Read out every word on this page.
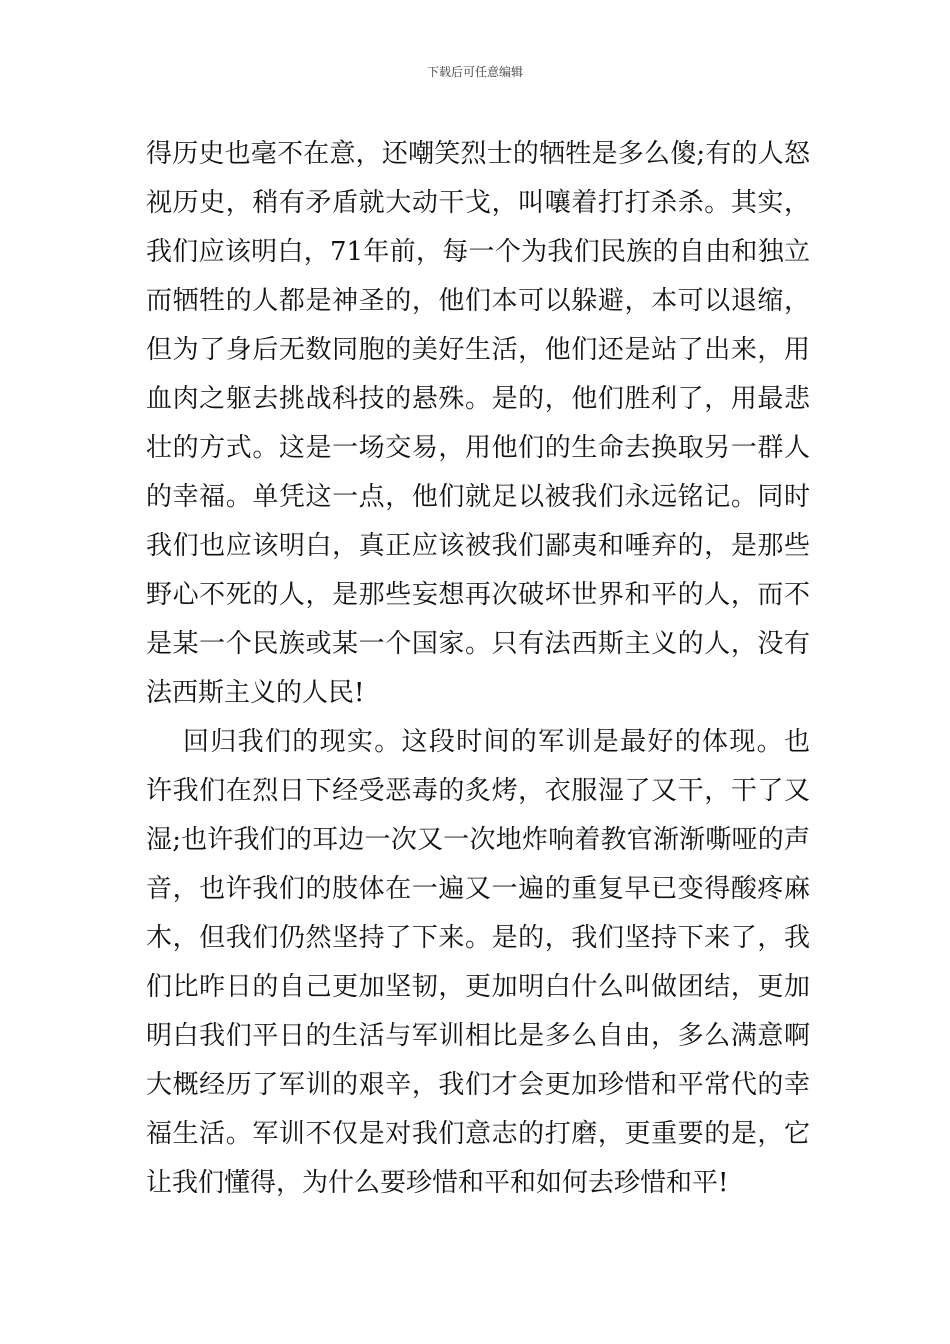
下载后可任意编辑
得历史也毫不在意，还嘲笑烈士的牺牲是多么傻;有的人怒
视历史，稍有矛盾就大动干戈，叫嚷着打打杀杀。其实，
我们应该明白，71年前，每一个为我们民族的自由和独立
而牺牲的人都是神圣的，他们本可以躲避，本可以退缩，
但为了身后无数同胞的美好生活，他们还是站了出来，用
血肉之躯去挑战科技的悬殊。是的，他们胜利了，用最悲
壮的方式。这是一场交易，用他们的生命去换取另一群人
的幸福。单凭这一点，他们就足以被我们永远铭记。同时
我们也应该明白，真正应该被我们鄙夷和唾弃的，是那些
野心不死的人，是那些妄想再次破坏世界和平的人，而不
是某一个民族或某一个国家。只有法西斯主义的人，没有
法西斯主义的人民!
回归我们的现实。这段时间的军训是最好的体现。也
许我们在烈日下经受恶毒的炙烤，衣服湿了又干，干了又
湿;也许我们的耳边一次又一次地炸响着教官渐渐嘶哑的声
音，也许我们的肢体在一遍又一遍的重复早已变得酸疼麻
木，但我们仍然坚持了下来。是的，我们坚持下来了，我
们比昨日的自己更加坚韧，更加明白什么叫做团结，更加
明白我们平日的生活与军训相比是多么自由，多么满意啊
大概经历了军训的艰辛，我们才会更加珍惜和平常代的幸
福生活。军训不仅是对我们意志的打磨，更重要的是，它
让我们懂得，为什么要珍惜和平和如何去珍惜和平!
